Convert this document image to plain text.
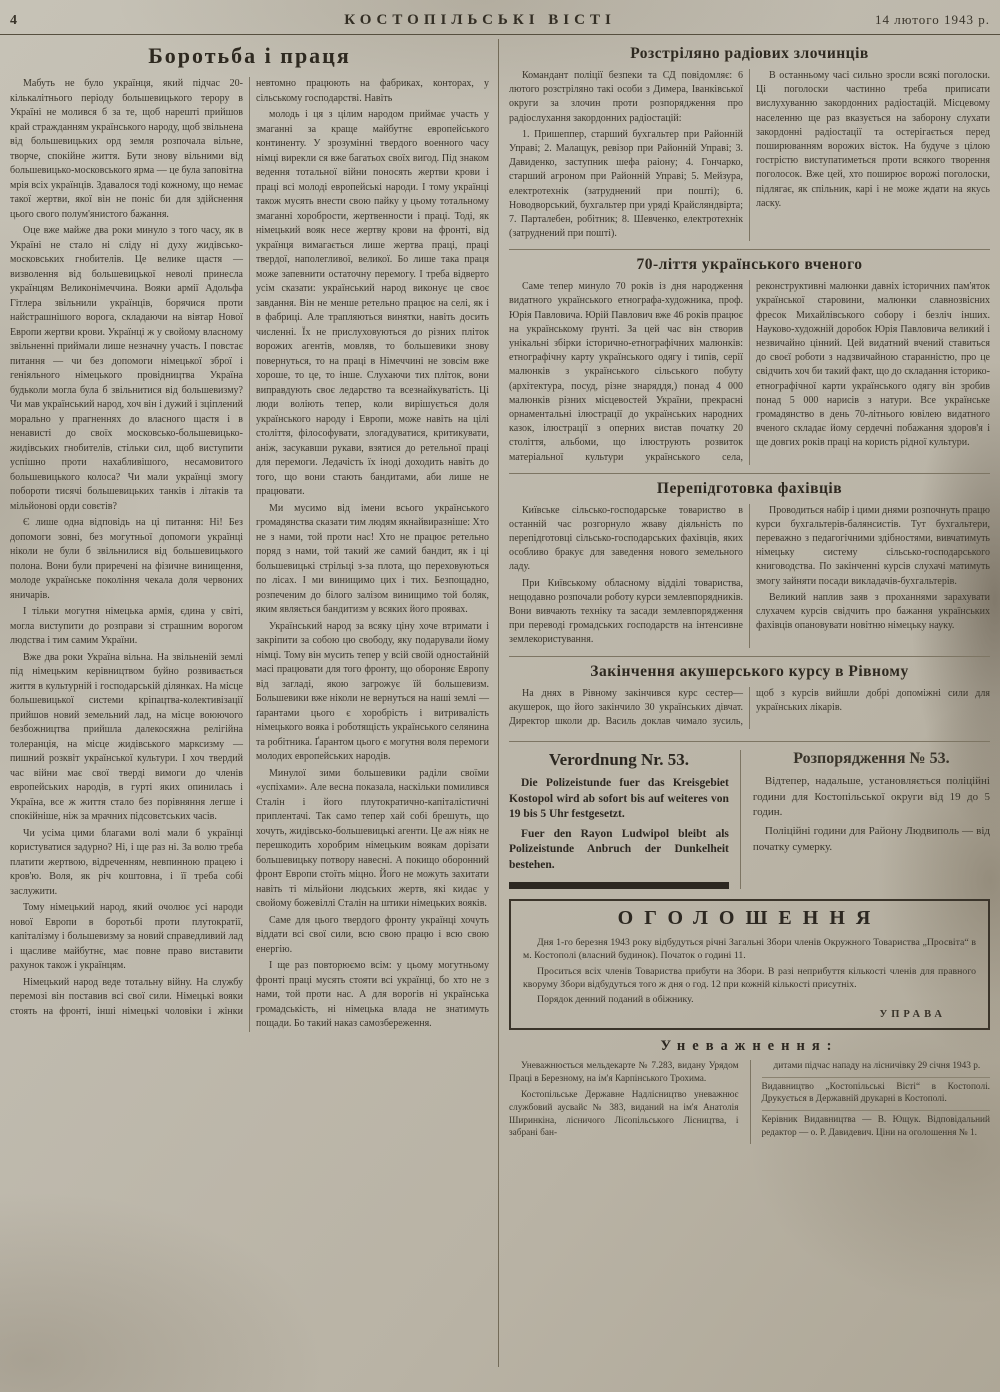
4	КОСТОПІЛЬСЬКІ ВІСТІ	14 лютого 1943 р.
Боротьба і праця

Мабуть не було українця, який підчас 20-кількалітнього періоду большевицького терору в Україні не молився б за те, щоб нарешті прийшов край стражданням українського народу, щоб звільнена від большевицьких орд земля розпочала вільне, творче, спокійне життя. Бути знову вільними від большевицько-московського ярма — це була заповітна мрія всіх українців. Здавалося тоді кожному, що немає такої жертви, якої він не поніс би для здійснення цього свого полум'янистого бажання.

Оце вже майже два роки минуло з того часу, як в Україні не стало ні сліду ні духу жидівсько-московських гнобителів. Це велике щастя — визволення від большевицької неволі принесла українцям Великонімеччина. Вояки армії Адольфа Гітлера звільнили українців, борячися проти найстрашнішого ворога, складаючи на вівтар Нової Европи жертви крови. Українці ж у свойому власному звільненні приймали лише незначну участь. І повстає питання — чи без допомоги німецької зброї і геніяльного німецького провідництва Україна будьколи могла була б звільнитися від большевизму? Чи мав український народ, хоч він і дужий і зціплений морально у прагненнях до власного щастя і в ненависті до своїх московсько-большевицько-жидівських гнобителів, стільки сил, щоб виступити успішно проти нахабливішого, несамовитого большевицького колоса? Чи мали українці змогу побороти тисячі большевицьких танків і літаків та мільйонові орди совєтів?

Є лише одна відповідь на ці питання: Ні! Без допомоги зовні, без могутньої допомоги українці ніколи не були б звільнилися від большевицького полона. Вони були приречені на фізичне винищення, молоде українське покоління чекала доля червоних яничарів.

І тільки могутня німецька армія, єдина у світі, могла виступити до розправи зі страшним ворогом людства і тим самим України.

Вже два роки Україна вільна. На звільненій землі під німецьким керівництвом буйно розвивається життя в культурній і господарській ділянках. На місце большевицької системи кріпацтва-колективізації прийшов новий земельний лад, на місце воюючого безбожництва прийшла далекосяжна релігійна толеранція, на місце жидівського марксизму — пишний розквіт української культури. І хоч твердий час війни має свої тверді вимоги до членів европейських народів, в гурті яких опинилась і Україна, все ж життя стало без порівняння легше і спокійніше, ніж за мрачних підсовєтських часів.

Чи усіма цими благами волі мали б українці користуватися задурно? Ні, і ще раз ні. За волю треба платити жертвою, відреченням, невпинною працею і кров'ю. Воля, як річ коштовна, і її треба собі заслужити.

Тому німецький народ, який очолює усі народи нової Европи в боротьбі проти плутократії, капіталізму і большевизму за новий справедливий лад і щасливе майбутнє, має повне право виставити рахунок також і українцям.

Німецький народ веде тотальну війну. На службу перемозі він поставив всі свої сили. Німецькі вояки стоять на фронті, інші німецькі чоловіки і жінки невтомно працюють на фабриках, конторах, у сільському господарстві. Навіть

молодь і ця з цілим народом приймає участь у змаганні за краще майбутнє европейського континенту. У зрозумінні твердого военного часу німці вирекли ся вже багатьох своїх вигод. Під знаком ведення тотальної війни поносять жертви крови і праці всі молоді европейські народи. І тому українці також мусять внести свою пайку у цьому тотальному змаганні хоробрости, жертвенности і праці. Тоді, як німецький вояк несе жертву крови на фронті, від українця вимагається лише жертва праці, праці твердої, наполегливої, великої. Бо лише така праця може запевнити остаточну перемогу. І треба відверто усім сказати: український народ виконує це своє завдання. Він не менше ретельно працює на селі, як і в фабриці. Але трапляються винятки, навіть досить численні. Їх не прислуховуються до різних пліток ворожих агентів, мовляв, то большевики знову повернуться, то на праці в Німеччині не зовсім вже хороше, то це, то інше. Слухаючи тих пліток, вони виправдують своє ледарство та всезнайкуватість. Ці люди воліють тепер, коли вирішується доля українського народу і Европи, може навіть на цілі століття, філософувати, злогадуватися, критикувати, аніж, засукавши рукави, взятися до ретельної праці для перемоги. Ледачість їх іноді доходить навіть до того, що вони стають бандитами, аби лише не працювати.

Ми мусимо від імени всього українського громадянства сказати тим людям якнайвиразніше: Хто не з нами, той проти нас! Хто не працює ретельно поряд з нами, той такий же самий бандит, як і ці большевицькі стрільці з-за плота, що переховуються по лісах. І ми винищимо цих і тих. Безпощадно, розпеченим до білого залізом винищимо той боляк, яким являється бандитизм у всяких його проявах.

Український народ за всяку ціну хоче втримати і закріпити за собою цю свободу, яку подарували йому німці. Тому він мусить тепер у всій своїй одностайній масі працювати для того фронту, що обороняє Европу від загладі, якою загрожує їй большевизм. Большевики вже ніколи не вернуться на наші землі — ґарантами цього є хоробрість і витривалість німецького вояка і роботящість українського селянина та робітника. Ґарантом цього є могутня воля перемоги молодих европейських народів.

Минулої зими большевики раділи своїми «успіхами». Але весна показала, наскільки помилився Сталін і його плутократично-капіталістичні приплентачі. Так само тепер хай собі брешуть, що хочуть, жидівсько-большевицькі агенти. Це аж ніяк не перешкодить хоробрим німецьким воякам дорізати большевицьку потвору навесні. А покищо оборонний фронт Европи стоїть міцно. Його не можуть захитати навіть ті мільйони людських жертв, які кидає у свойому божевіллі Сталін на штики німецьких вояків.

Саме для цього твердого фронту українці хочуть віддати всі свої сили, всю свою працю і всю свою енергію.

І ще раз повторюємо всім: у цьому могутньому фронті праці мусять стояти всі українці, бо хто не з нами, той проти нас. А для ворогів ні українська громадськість, ні німецька влада не знатимуть пощади. Бо такий наказ самозбереження.

Розстріляно радіових злочинців

Командант поліції безпеки та СД повідомляє: 6 лютого розстріляно такі особи з Димера, Іванківської округи за злочин проти розпорядження про радіослухання закордонних радіостацій:

1. Пришеппер, старший бухгальтер при Районній Управі; 2. Малащук, ревізор при Районній Управі; 3. Давиденко, заступник шефа раіону; 4. Гончарко, старший агроном при Районній Управі; 5. Мейзура, електротехнік (затруднений при пошті); 6. Новодворський, бухгальтер при уряді Крайсляндвірта; 7. Парталебен, робітник; 8. Шевченко, електротехнік (затруднений при пошті).

В останньому часі сильно зросли всякі поголоски. Ці поголоски частинно треба приписати вислухуванню закордонних радіостацій. Місцевому населенню ще раз вказується на заборону слухати закордонні радіостації та остерігається перед поширюванням ворожих вісток. На будуче з цілою гострістю виступатиметься проти всякого творення поголосок. Вже цей, хто поширює ворожі поголоски, підлягає, як спільник, карі і не може ждати на якусь ласку.

70-ліття українського вченого

Саме тепер минуло 70 років із дня народження видатного українського етнографа-художника, проф. Юрія Павловича. Юрій Павлович вже 46 років працює на українському ґрунті. За цей час він створив унікальні збірки історично-етнографічних малюнків: етнографічну карту українського одягу і типів, серії малюнків з українського сільського побуту (архітектура, посуд, різне знаряддя,) понад 4 000 малюнків різних місцевостей України, прекрасні орнаментальні ілюстрації до українських народних казок, ілюстрації з оперних вистав початку 20 століття, альбоми, що ілюструють розвиток матеріальної культури українського села, реконструктивні малюнки давніх історичних пам'яток української старовини, малюнки славнозвісних фресок Михайлівського собору і безліч інших. Науково-художній доробок Юрія Павловича великий і незвичайно цінний. Цей видатний вчений ставиться до своєї роботи з надзвичайною старанністю, про це свідчить хоч би такий факт, що до складання історико-етнографічної карти українського одягу він зробив понад 5 000 нарисів з натури. Все українське громадянство в день 70-літнього ювілею видатного вченого складає йому сердечні побажання здоров'я і ще довгих років праці на користь рідної культури.

Перепідготовка фахівців

Київське сільсько-господарське товариство в останній час розгорнуло жваву діяльність по перепідготовці сільсько-господарських фахівців, яких особливо бракує для заведення нового земельного ладу.

При Київському обласному відділі товариства, нещодавно розпочали роботу курси землевпорядників. Вони вивчають техніку та засади землевпорядження при переводі громадських господарств на інтенсивне землекористування.

Проводиться набір і цими днями розпочнуть працю курси бухгальтерів-балянсистів. Тут бухгальтери, переважно з педагогічними здібностями, вивчатимуть німецьку систему сільсько-господарського книговодства. По закінченні курсів слухачі матимуть змогу зайняти посади викладачів-бухгальтерів.

Великий наплив заяв з проханнями зарахувати слухачем курсів свідчить про бажання українських фахівців опановувати новітню німецьку науку.

Закінчення акушерського курсу в Рівному

На днях в Рівному закінчився курс сестер—акушерок, що його закінчило 30 українських дівчат. Директор школи др. Василь доклав чимало зусиль, щоб з курсів вийшли добрі допоміжні сили для українських лікарів.

Verordnung Nr. 53.

Die Polizeistunde fuer das Kreisgebiet Kostopol wird ab sofort bis auf weiteres von 19 bis 5 Uhr festgesetzt.

Fuer den Rayon Ludwipol bleibt als Polizeistunde Anbruch der Dunkelheit bestehen.

Розпорядження № 53.

Відтепер, надальше, установляється поліційні години для Костопільської округи від 19 до 5 годин.

Поліційні години для Району Людвиполь — від початку сумерку.

ОГОЛОШЕННЯ

Дня 1-го березня 1943 року відбудуться річні Загальні Збори членів Окружного Товариства „Просвіта“ в м. Костополі (власний будинок). Початок о годині 11.

Проситься всіх членів Товариства прибути на Збори. В разі неприбуття кількості членів для правного кворуму Збори відбудуться того ж дня о год. 12 при кожній кількості присутніх.

Порядок денний поданий в обіжнику.

УПРАВА
Уневажнення:

Уневажнюється мельдекарте № 7.283, видану Урядом Праці в Березному, на ім'я Карпінського Трохима.

Костопільське Державне Надлісництво уневажнює службовий аусвайс № 383, виданий на ім'я Анатолія Ширинкіна, лісничого Лісопільського Лісництва, і забрані бан-

дитами підчас нападу на лісничівку 29 січня 1943 р.

Видавництво „Костопільські Вісті“ в Костополі. Друкується в Державній друкарні в Костополі.

Керівник Видавництва — В. Ющук. Відповідальний редактор — о. Р. Давидевич. Ціни на оголошення № 1.
